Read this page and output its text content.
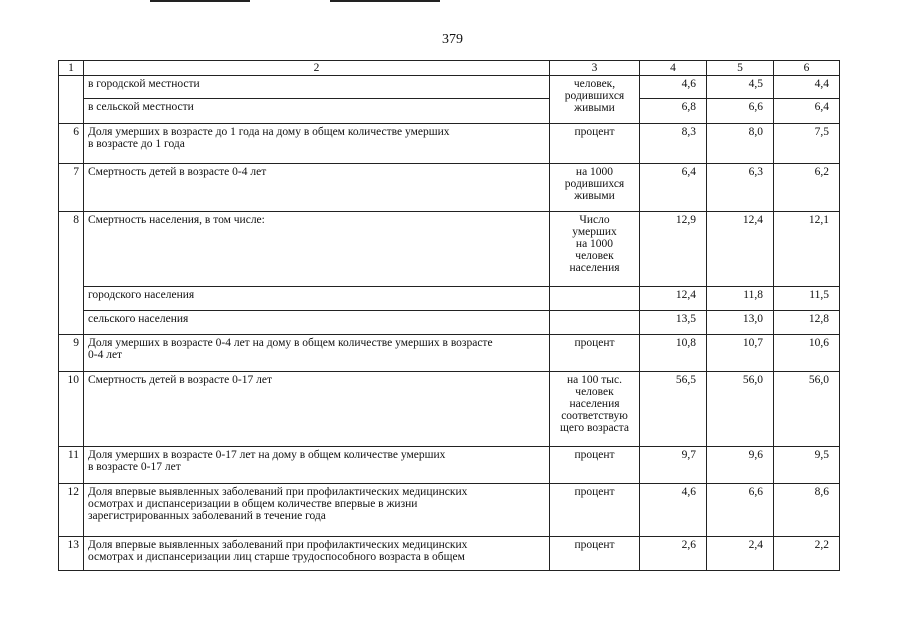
379
1	2	3	4	5	6
	в городской местности	человек,
родившихся
живыми	4,6	4,5	4,4
	в сельской местности		6,8	6,6	6,4
6	Доля умерших в возрасте до 1 года на дому в общем количестве умерших
в возрасте до 1 года	процент	8,3	8,0	7,5
7	Смертность детей в возрасте 0-4 лет	на 1000
родившихся
живыми	6,4	6,3	6,2
8	Смертность населения, в том числе:	Число
умерших
на 1000
человек
населения	12,9	12,4	12,1
	городского населения		12,4	11,8	11,5
	сельского населения		13,5	13,0	12,8
9	Доля умерших в возрасте 0-4 лет на дому в общем количестве умерших в возрасте
0-4 лет	процент	10,8	10,7	10,6
10	Смертность детей в возрасте 0-17 лет	на 100 тыс.
человек
населения
соответствую
щего возраста	56,5	56,0	56,0
11	Доля умерших в возрасте 0-17 лет на дому в общем количестве умерших
в возрасте 0-17 лет	процент	9,7	9,6	9,5
12	Доля впервые выявленных заболеваний при профилактических медицинских
осмотрах и диспансеризации в общем количестве впервые в жизни
зарегистрированных заболеваний в течение года	процент	4,6	6,6	8,6
13	Доля впервые выявленных заболеваний при профилактических медицинских
осмотрах и диспансеризации лиц старше трудоспособного возраста в общем	процент	2,6	2,4	2,2
